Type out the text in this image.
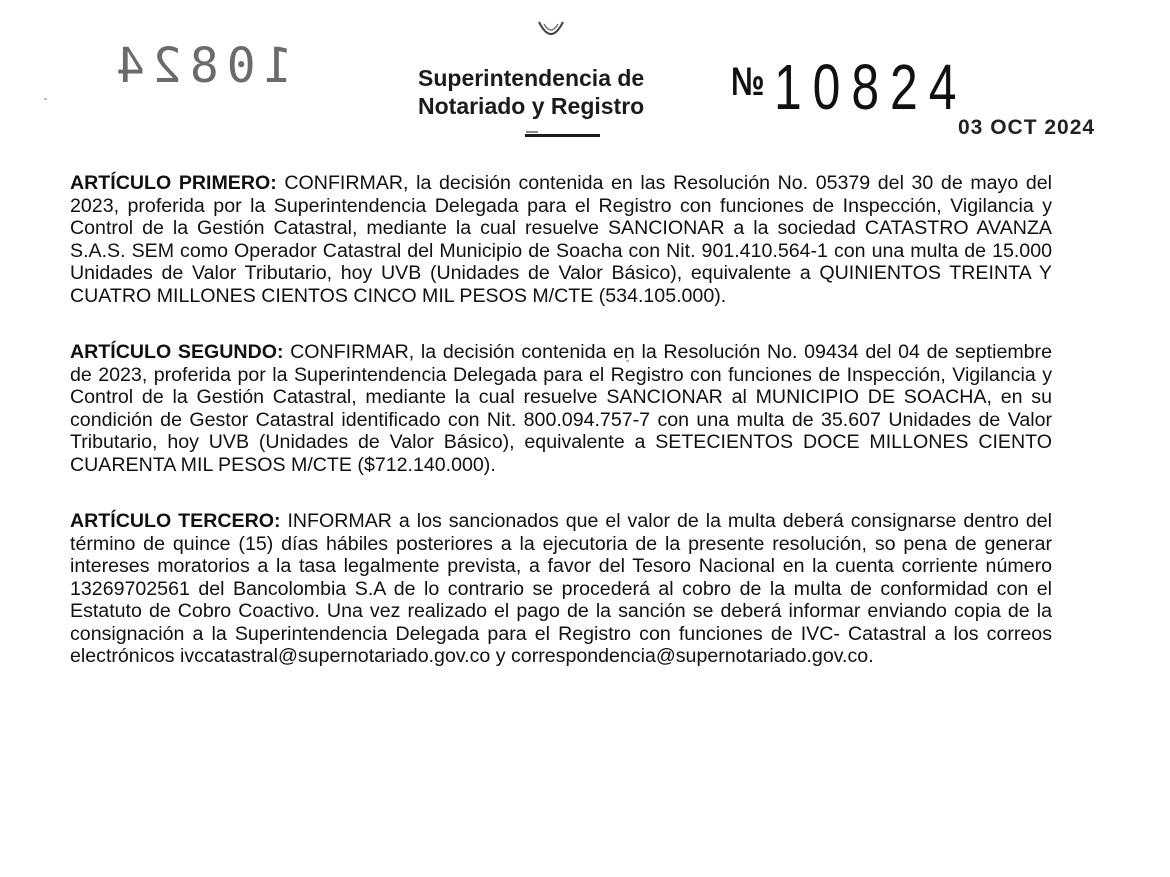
10824	Superintendencia de
Notariado y Registro
№ 10824
03 OCT 2024

ARTÍCULO PRIMERO: CONFIRMAR, la decisión contenida en las Resolución No. 05379 del 30 de mayo del 2023, proferida por la Superintendencia Delegada para el Registro con funciones de Inspección, Vigilancia y Control de la Gestión Catastral, mediante la cual resuelve SANCIONAR a la sociedad CATASTRO AVANZA S.A.S. SEM como Operador Catastral del Municipio de Soacha con Nit. 901.410.564-1 con una multa de 15.000 Unidades de Valor Tributario, hoy UVB (Unidades de Valor Básico), equivalente a QUINIENTOS TREINTA Y CUATRO MILLONES CIENTOS CINCO MIL PESOS M/CTE (534.105.000).

ARTÍCULO SEGUNDO: CONFIRMAR, la decisión contenida en la Resolución No. 09434 del 04 de septiembre de 2023, proferida por la Superintendencia Delegada para el Registro con funciones de Inspección, Vigilancia y Control de la Gestión Catastral, mediante la cual resuelve SANCIONAR al MUNICIPIO DE SOACHA, en su condición de Gestor Catastral identificado con Nit. 800.094.757-7 con una multa de 35.607 Unidades de Valor Tributario, hoy UVB (Unidades de Valor Básico), equivalente a SETECIENTOS DOCE MILLONES CIENTO CUARENTA MIL PESOS M/CTE ($712.140.000).

ARTÍCULO TERCERO: INFORMAR a los sancionados que el valor de la multa deberá consignarse dentro del término de quince (15) días hábiles posteriores a la ejecutoria de la presente resolución, so pena de generar intereses moratorios a la tasa legalmente prevista, a favor del Tesoro Nacional en la cuenta corriente número 13269702561 del Bancolombia S.A de lo contrario se procederá al cobro de la multa de conformidad con el Estatuto de Cobro Coactivo. Una vez realizado el pago de la sanción se deberá informar enviando copia de la consignación a la Superintendencia Delegada para el Registro con funciones de IVC- Catastral a los correos electrónicos ivccatastral@supernotariado.gov.co y correspondencia@supernotariado.gov.co.
